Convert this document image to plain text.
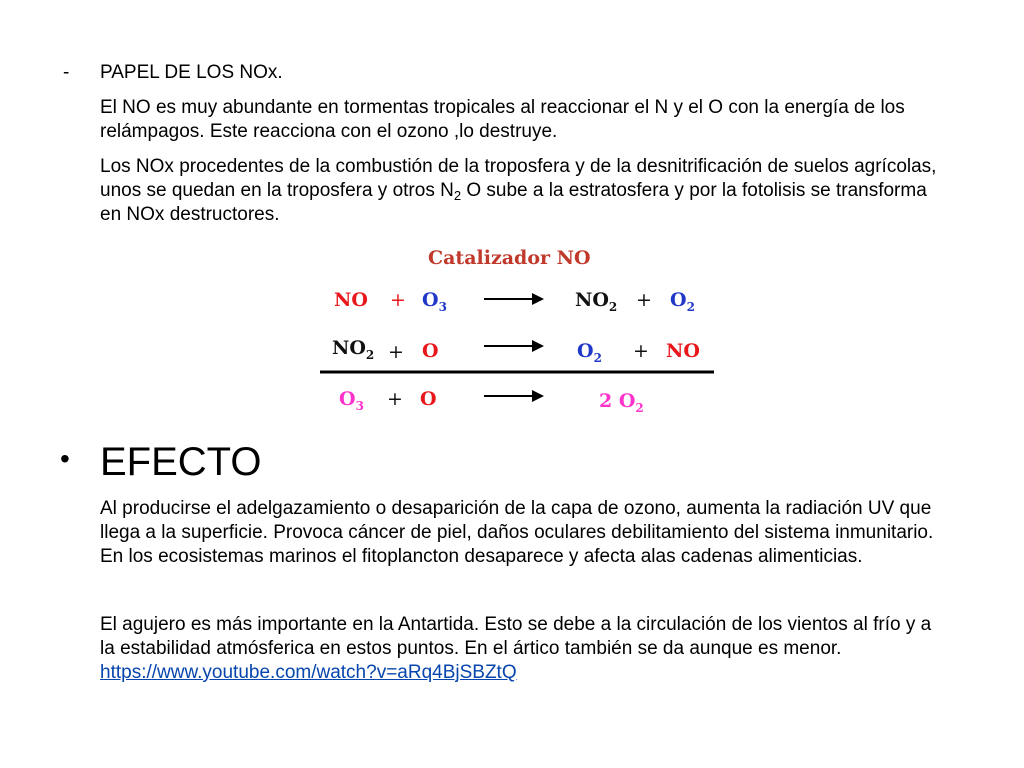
- PAPEL DE LOS NOx.

El NO es muy abundante en tormentas tropicales al reaccionar el N y el O con la energía de los relámpagos. Este reacciona con el ozono ,lo destruye.

Los NOx procedentes de la combustión de la troposfera y de la desnitrificación de suelos agrícolas, unos se quedan en la troposfera y otros $N_2$ O sube a la estratosfera y por la fotolisis se transforma en NOx destructores.

Catalizador NO
NO + $O_3$	$NO_2 + O_2$
$NO_2 + O$	$O_2$ + NO
$O_3 + O$	2 $O_2$
• EFECTO

Al producirse el adelgazamiento o desaparición de la capa de ozono, aumenta la radiación UV que llega a la superficie. Provoca cáncer de piel, daños oculares debilitamiento del sistema inmunitario. En los ecosistemas marinos el fitoplancton desaparece y afecta alas cadenas alimenticias.

El agujero es más importante en la Antartida. Esto se debe a la circulación de los vientos al frío y a la estabilidad atmósferica en estos puntos. En el ártico también se da aunque es menor. https://www.youtube.com/watch?v=aRq4BjSBZtQ
